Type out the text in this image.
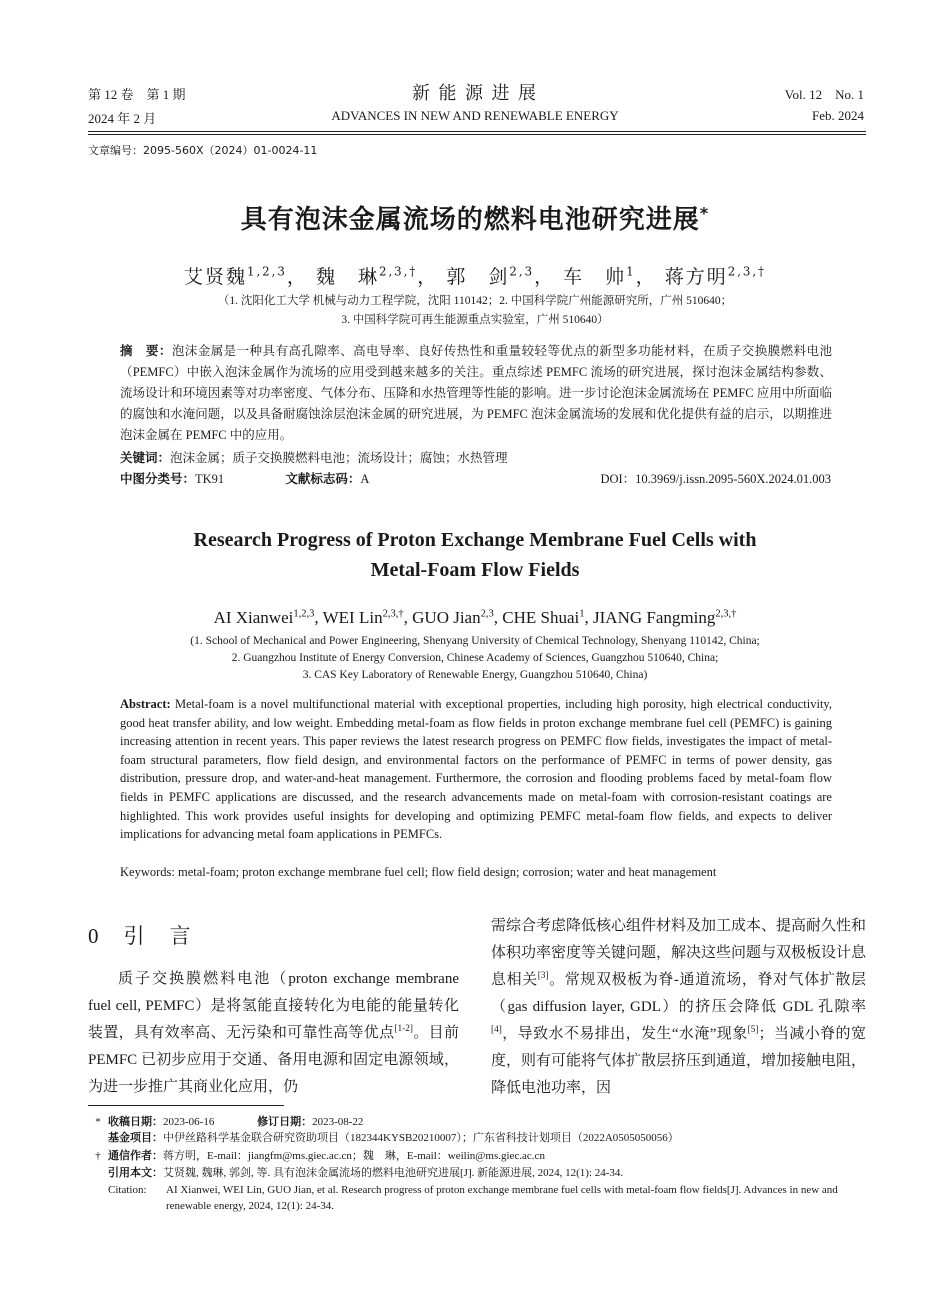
第 12 卷　第 1 期
2024 年 2 月
新 能 源 进 展
ADVANCES IN NEW AND RENEWABLE ENERGY
Vol. 12　No. 1
Feb. 2024
文章编号：2095-560X（2024）01-0024-11
具有泡沫金属流场的燃料电池研究进展*
艾贤魏$^{1,2,3}$， 魏　琳$^{2,3,\dagger}$， 郭　剑$^{2,3}$， 车　帅$^1$， 蒋方明$^{2,3,\dagger}$
（1. 沈阳化工大学 机械与动力工程学院，沈阳 110142；2. 中国科学院广州能源研究所，广州 510640；
3. 中国科学院可再生能源重点实验室，广州 510640）
摘　要：泡沫金属是一种具有高孔隙率、高电导率、良好传热性和重量较轻等优点的新型多功能材料，在质子交换膜燃料电池（PEMFC）中嵌入泡沫金属作为流场的应用受到越来越多的关注。重点综述 PEMFC 流场的研究进展，探讨泡沫金属结构参数、流场设计和环境因素等对功率密度、气体分布、压降和水热管理等性能的影响。进一步讨论泡沫金属流场在 PEMFC 应用中所面临的腐蚀和水淹问题，以及具备耐腐蚀涂层泡沫金属的研究进展，为 PEMFC 泡沫金属流场的发展和优化提供有益的启示，以期推进泡沫金属在 PEMFC 中的应用。
关键词：泡沫金属；质子交换膜燃料电池；流场设计；腐蚀；水热管理
中图分类号：TK91	文献标志码：A	DOI：10.3969/j.issn.2095-560X.2024.01.003
Research Progress of Proton Exchange Membrane Fuel Cells with
Metal-Foam Flow Fields
AI Xianwei$^{1,2,3}$, WEI Lin$^{2,3,\dagger}$, GUO Jian$^{2,3}$, CHE Shuai$^1$, JIANG Fangming$^{2,3,\dagger}$
(1. School of Mechanical and Power Engineering, Shenyang University of Chemical Technology, Shenyang 110142, China;
2. Guangzhou Institute of Energy Conversion, Chinese Academy of Sciences, Guangzhou 510640, China;
3. CAS Key Laboratory of Renewable Energy, Guangzhou 510640, China)
Abstract: Metal-foam is a novel multifunctional material with exceptional properties, including high porosity, high electrical conductivity, good heat transfer ability, and low weight. Embedding metal-foam as flow fields in proton exchange membrane fuel cell (PEMFC) is gaining increasing attention in recent years. This paper reviews the latest research progress on PEMFC flow fields, investigates the impact of metal-foam structural parameters, flow field design, and environmental factors on the performance of PEMFC in terms of power density, gas distribution, pressure drop, and water-and-heat management. Furthermore, the corrosion and flooding problems faced by metal-foam flow fields in PEMFC applications are discussed, and the research advancements made on metal-foam with corrosion-resistant coatings are highlighted. This work provides useful insights for developing and optimizing PEMFC metal-foam flow fields, and expects to deliver implications for advancing metal foam applications in PEMFCs.
Keywords: metal-foam; proton exchange membrane fuel cell; flow field design; corrosion; water and heat management
0　引　言
质子交换膜燃料电池（proton exchange membrane fuel cell, PEMFC）是将氢能直接转化为电能的能量转化装置，具有效率高、无污染和可靠性高等优点[1-2]。目前 PEMFC 已初步应用于交通、备用电源和固定电源领域，为进一步推广其商业化应用，仍
需综合考虑降低核心组件材料及加工成本、提高耐久性和体积功率密度等关键问题，解决这些问题与双极板设计息息相关[3]。常规双极板为脊-通道流场，脊对气体扩散层（gas diffusion layer, GDL）的挤压会降低 GDL 孔隙率[4]，导致水不易排出，发生“水淹”现象[5]；当减小脊的宽度，则有可能将气体扩散层挤压到通道，增加接触电阻，降低电池功率，因
* 收稿日期：2023-06-16	修订日期：2023-08-22
基金项目：中伊丝路科学基金联合研究资助项目（182344KYSB20210007）；广东省科技计划项目（2022A0505050056）
† 通信作者：蒋方明，E-mail：jiangfm@ms.giec.ac.cn；魏　琳，E-mail：weilin@ms.giec.ac.cn
引用本文：艾贤魏, 魏琳, 郭剑, 等. 具有泡沫金属流场的燃料电池研究进展[J]. 新能源进展, 2024, 12(1): 24-34.
Citation:	AI Xianwei, WEI Lin, GUO Jian, et al. Research progress of proton exchange membrane fuel cells with metal-foam flow fields[J]. Advances in new and renewable energy, 2024, 12(1): 24-34.
